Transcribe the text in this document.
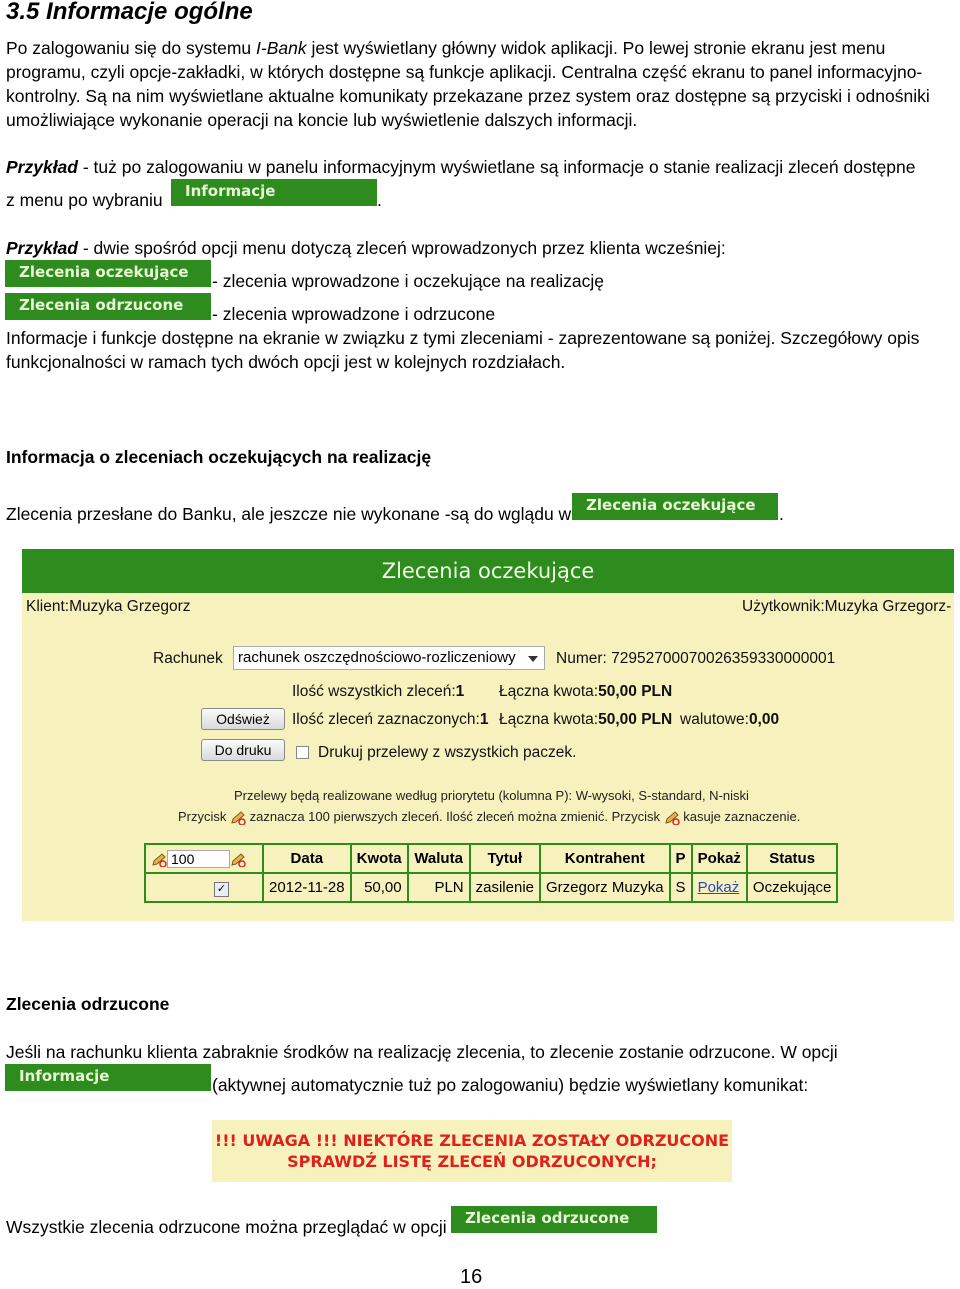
3.5 Informacje ogólne
Po zalogowaniu się do systemu I-Bank jest wyświetlany główny widok aplikacji. Po lewej stronie ekranu jest menu
programu, czyli opcje-zakładki, w których dostępne są funkcje aplikacji. Centralna część ekranu to panel informacyjno-
kontrolny. Są na nim wyświetlane aktualne komunikaty przekazane przez system oraz dostępne są przyciski i odnośniki
umożliwiające wykonanie operacji na koncie lub wyświetlenie dalszych informacji.
Przykład - tuż po zalogowaniu w panelu informacyjnym wyświetlane są informacje o stanie realizacji zleceń dostępne
z menu po wybraniu	Informacje	.
Przykład - dwie spośród opcji menu dotyczą zleceń wprowadzonych przez klienta wcześniej:
Zlecenia oczekujące	- zlecenia wprowadzone i oczekujące na realizację
Zlecenia odrzucone	- zlecenia wprowadzone i odrzucone
Informacje i funkcje dostępne na ekranie w związku z tymi zleceniami - zaprezentowane są poniżej. Szczegółowy opis
funkcjonalności w ramach tych dwóch opcji jest w kolejnych rozdziałach.
Informacja o zleceniach oczekujących na realizację
Zlecenia przesłane do Banku, ale jeszcze nie wykonane -są do wglądu w Zlecenia oczekujące	.
Zlecenia oczekujące
Klient:Muzyka Grzegorz	Użytkownik:Muzyka Grzegorz-
Rachunek	rachunek oszczędnościowo-rozliczeniowy	Numer: 72952700070026359330000001
Ilość wszystkich zleceń:1 Łączna kwota:50,00 PLN
Odśwież	Ilość zleceń zaznaczonych:1 Łączna kwota:50,00 PLN walutowe:0,00
Do druku	Drukuj przelewy z wszystkich paczek.
Przelewy będą realizowane według priorytetu (kolumna P): W-wysoki, S-standard, N-niski
Przycisk zaznacza 100 pierwszych zleceń. Ilość zleceń można zmienić. Przycisk kasuje zaznaczenie.
100	Data	Kwota	Waluta	Tytuł	Kontrahent	P	Pokaż	Status
✓	2012-11-28	50,00	PLN	zasilenie	Grzegorz Muzyka	S	Pokaż	Oczekujące
Zlecenia odrzucone
Jeśli na rachunku klienta zabraknie środków na realizację zlecenia, to zlecenie zostanie odrzucone. W opcji
Informacje	(aktywnej automatycznie tuż po zalogowaniu) będzie wyświetlany komunikat:
!!! UWAGA !!! NIEKTÓRE ZLECENIA ZOSTAŁY ODRZUCONE
SPRAWDŹ LISTĘ ZLECEŃ ODRZUCONYCH;
Wszystkie zlecenia odrzucone można przeglądać w opcji	Zlecenia odrzucone
16
